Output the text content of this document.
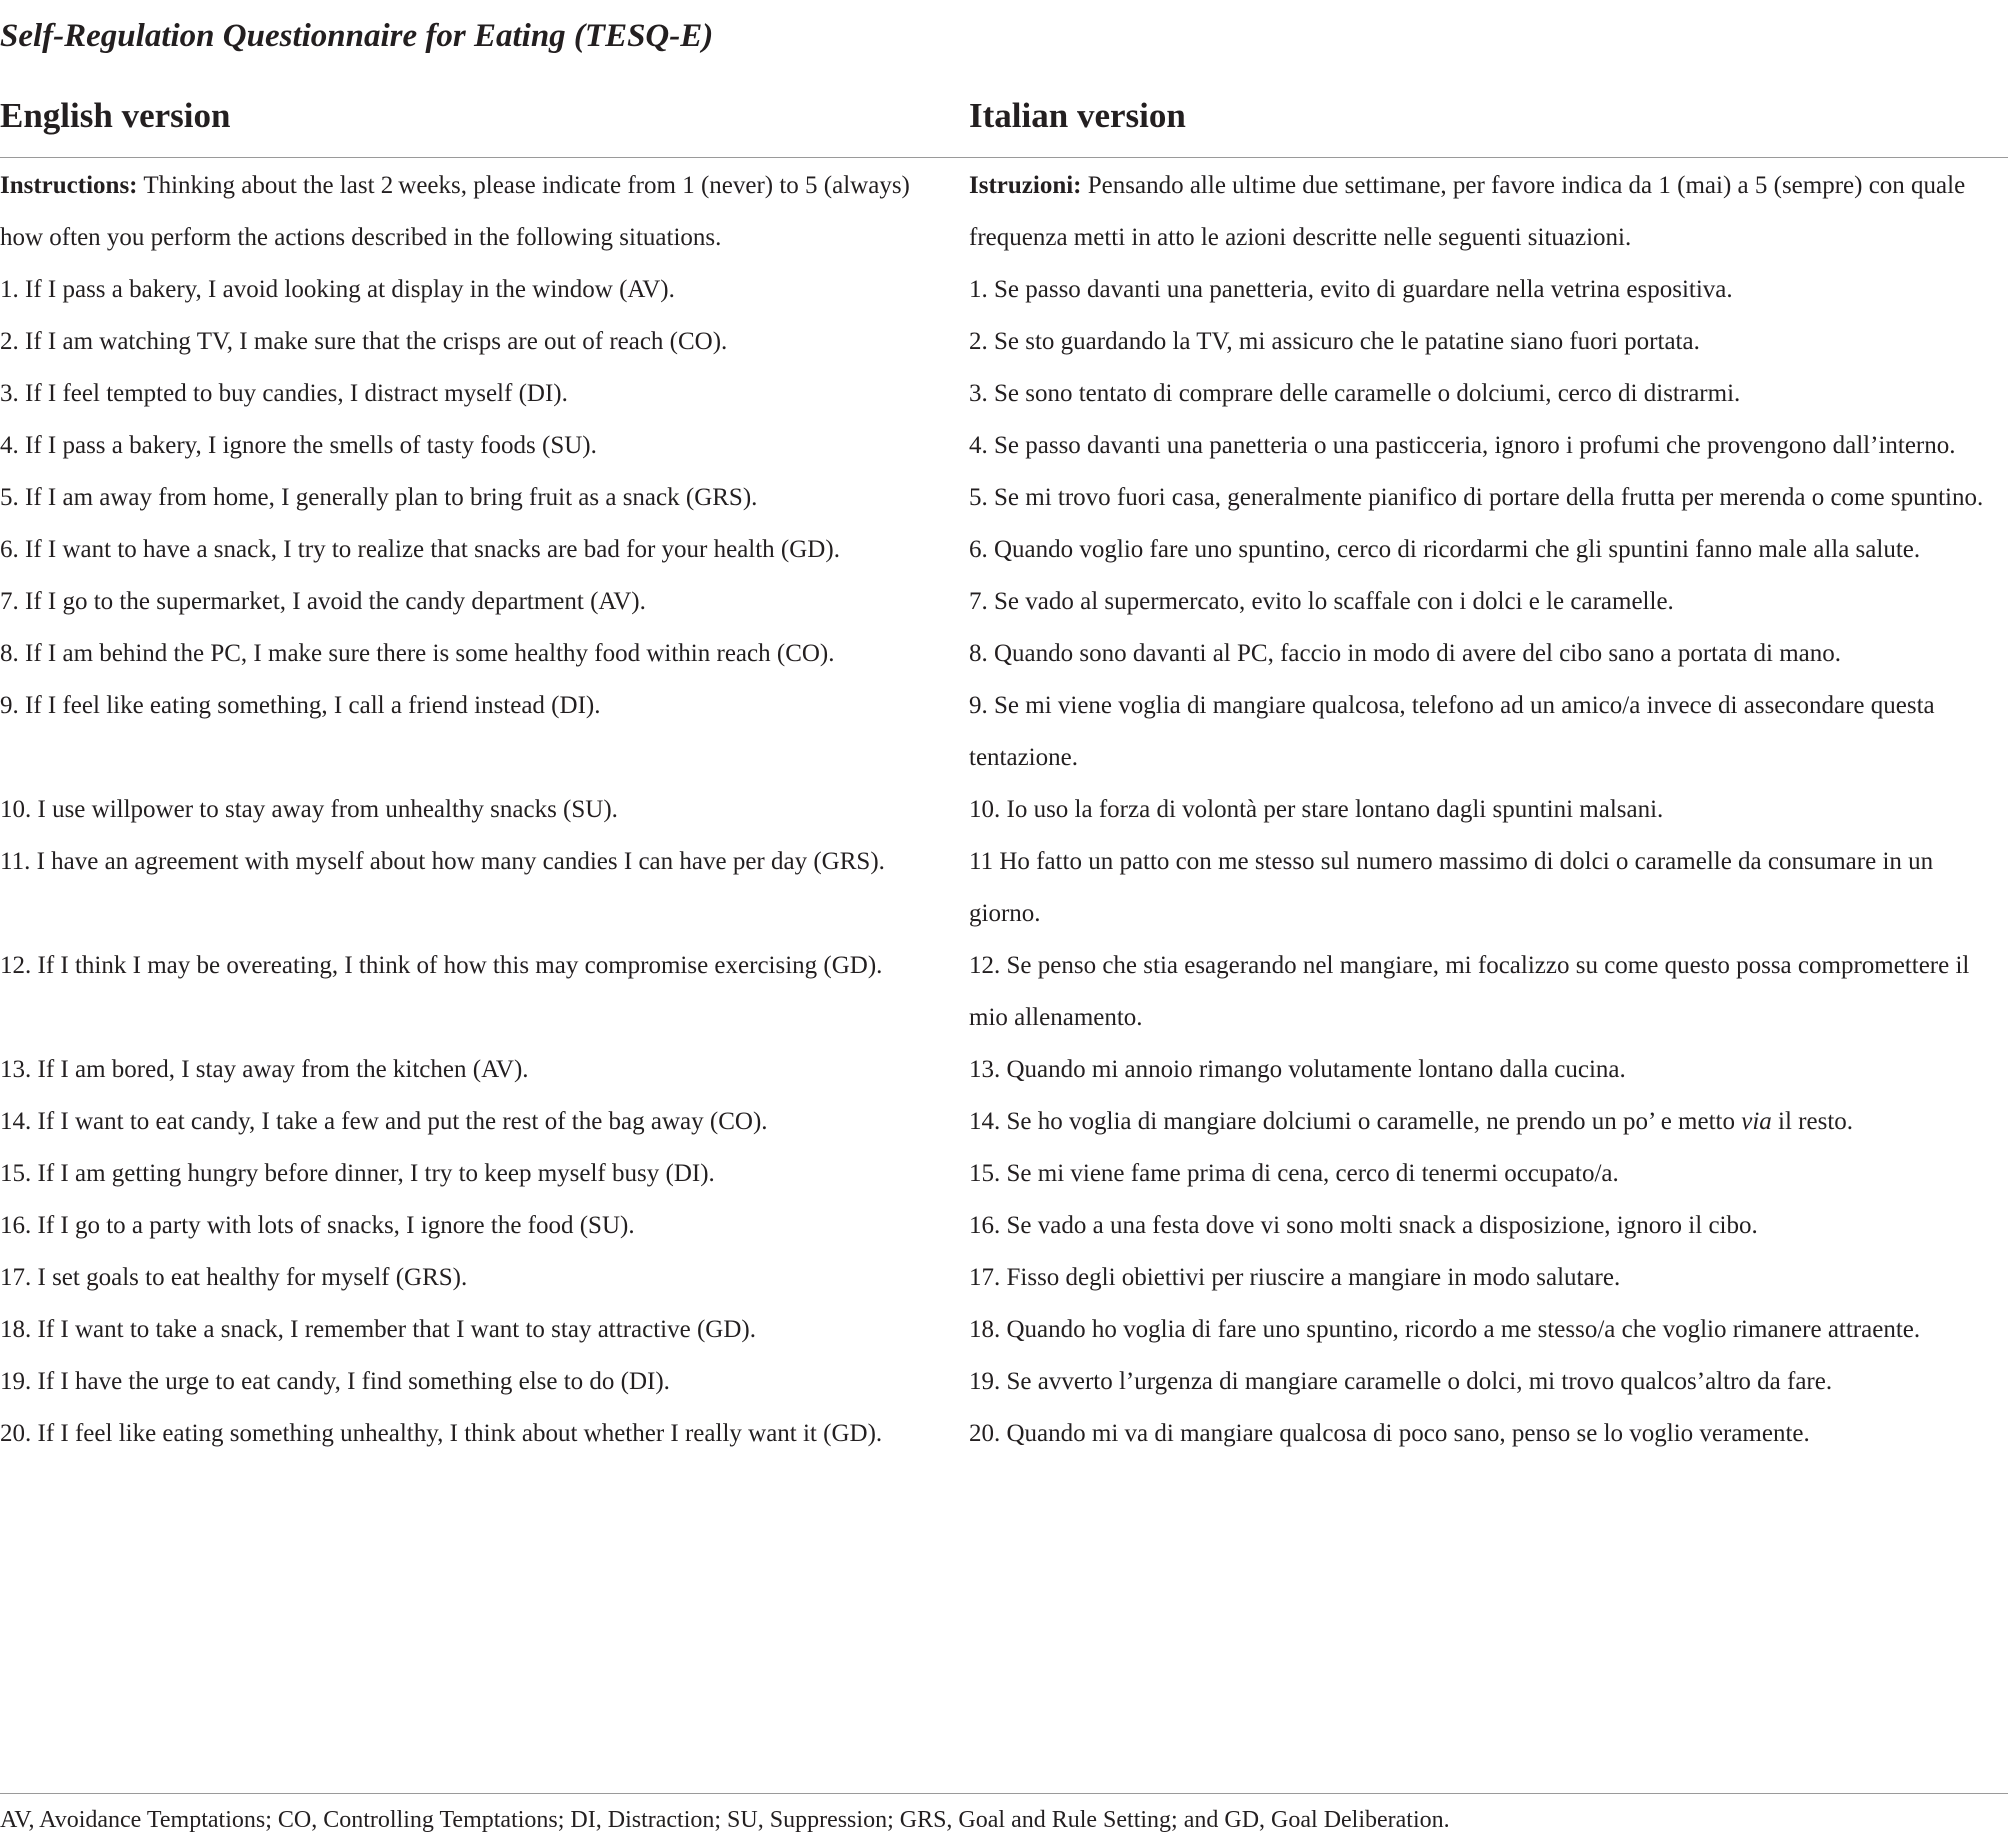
Self-Regulation Questionnaire for Eating (TESQ-E)
English version	Italian version
Instructions: Thinking about the last 2 weeks, please indicate from 1 (never) to 5 (always) how often you perform the actions described in the following situations.
Istruzioni: Pensando alle ultime due settimane, per favore indica da 1 (mai) a 5 (sempre) con quale frequenza metti in atto le azioni descritte nelle seguenti situazioni.
1. If I pass a bakery, I avoid looking at display in the window (AV).	1. Se passo davanti una panetteria, evito di guardare nella vetrina espositiva.
2. If I am watching TV, I make sure that the crisps are out of reach (CO).	2. Se sto guardando la TV, mi assicuro che le patatine siano fuori portata.
3. If I feel tempted to buy candies, I distract myself (DI).	3. Se sono tentato di comprare delle caramelle o dolciumi, cerco di distrarmi.
4. If I pass a bakery, I ignore the smells of tasty foods (SU).	4. Se passo davanti una panetteria o una pasticceria, ignoro i profumi che provengono dall’interno.
5. If I am away from home, I generally plan to bring fruit as a snack (GRS).	5. Se mi trovo fuori casa, generalmente pianifico di portare della frutta per merenda o come spuntino.
6. If I want to have a snack, I try to realize that snacks are bad for your health (GD).	6. Quando voglio fare uno spuntino, cerco di ricordarmi che gli spuntini fanno male alla salute.
7. If I go to the supermarket, I avoid the candy department (AV).	7. Se vado al supermercato, evito lo scaffale con i dolci e le caramelle.
8. If I am behind the PC, I make sure there is some healthy food within reach (CO).	8. Quando sono davanti al PC, faccio in modo di avere del cibo sano a portata di mano.
9. If I feel like eating something, I call a friend instead (DI).	9. Se mi viene voglia di mangiare qualcosa, telefono ad un amico/a invece di assecondare questa tentazione.
10. I use willpower to stay away from unhealthy snacks (SU).	10. Io uso la forza di volontà per stare lontano dagli spuntini malsani.
11. I have an agreement with myself about how many candies I can have per day (GRS).	11 Ho fatto un patto con me stesso sul numero massimo di dolci o caramelle da consumare in un giorno.
12. If I think I may be overeating, I think of how this may compromise exercising (GD).	12. Se penso che stia esagerando nel mangiare, mi focalizzo su come questo possa compromettere il mio allenamento.
13. If I am bored, I stay away from the kitchen (AV).	13. Quando mi annoio rimango volutamente lontano dalla cucina.
14. If I want to eat candy, I take a few and put the rest of the bag away (CO).	14. Se ho voglia di mangiare dolciumi o caramelle, ne prendo un po’ e metto via il resto.
15. If I am getting hungry before dinner, I try to keep myself busy (DI).	15. Se mi viene fame prima di cena, cerco di tenermi occupato/a.
16. If I go to a party with lots of snacks, I ignore the food (SU).	16. Se vado a una festa dove vi sono molti snack a disposizione, ignoro il cibo.
17. I set goals to eat healthy for myself (GRS).	17. Fisso degli obiettivi per riuscire a mangiare in modo salutare.
18. If I want to take a snack, I remember that I want to stay attractive (GD).	18. Quando ho voglia di fare uno spuntino, ricordo a me stesso/a che voglio rimanere attraente.
19. If I have the urge to eat candy, I find something else to do (DI).	19. Se avverto l’urgenza di mangiare caramelle o dolci, mi trovo qualcos’altro da fare.
20. If I feel like eating something unhealthy, I think about whether I really want it (GD).	20. Quando mi va di mangiare qualcosa di poco sano, penso se lo voglio veramente.
AV, Avoidance Temptations; CO, Controlling Temptations; DI, Distraction; SU, Suppression; GRS, Goal and Rule Setting; and GD, Goal Deliberation.
